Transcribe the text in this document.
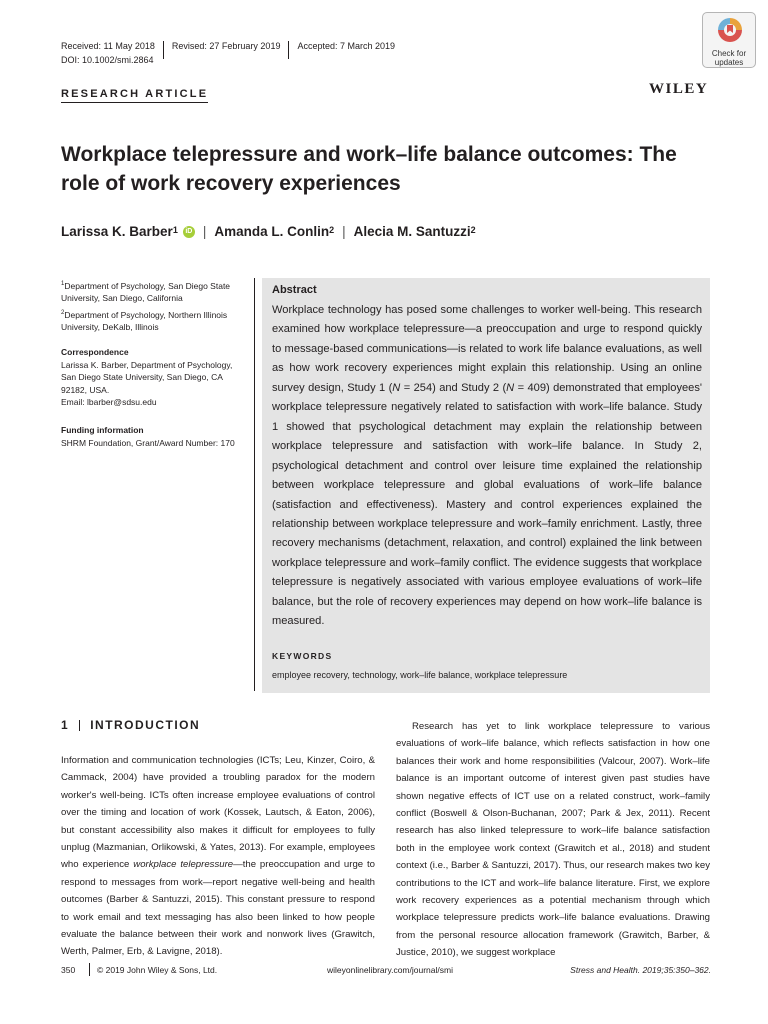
Received: 11 May 2018 Revised: 27 February 2019 Accepted: 7 March 2019
DOI: 10.1002/smi.2864
Check for
updates
RESEARCH ARTICLE	WILEY
Workplace telepressure and work–life balance outcomes: The role of work recovery experiences
Larissa K. Barber$^1$	iD | Amanda L. Conlin$^2$ | Alecia M. Santuzzi$^2$
$^1$Department of Psychology, San Diego State University, San Diego, California
$^2$Department of Psychology, Northern Illinois University, DeKalb, Illinois
Correspondence
Larissa K. Barber, Department of Psychology,
San Diego State University, San Diego, CA
92182, USA.
Email: lbarber@sdsu.edu
Funding information
SHRM Foundation, Grant/Award Number: 170
Abstract
Workplace technology has posed some challenges to worker well-being. This research examined how workplace telepressure—a preoccupation and urge to respond quickly to message-based communications—is related to work life balance evaluations, as well as how work recovery experiences might explain this relationship. Using an online survey design, Study 1 (N = 254) and Study 2 (N = 409) demonstrated that employees' workplace telepressure negatively related to satisfaction with work–life balance. Study 1 showed that psychological detachment may explain the relationship between workplace telepressure and satisfaction with work–life balance. In Study 2, psychological detachment and control over leisure time explained the relationship between workplace telepressure and global evaluations of work–life balance (satisfaction and effectiveness). Mastery and control experiences explained the relationship between workplace telepressure and work–family enrichment. Lastly, three recovery mechanisms (detachment, relaxation, and control) explained the link between workplace telepressure and work–family conflict. The evidence suggests that workplace telepressure is negatively associated with various employee evaluations of work–life balance, but the role of recovery experiences may depend on how work–life balance is measured.
KEYWORDS
employee recovery, technology, work–life balance, workplace telepressure
1 INTRODUCTION
Information and communication technologies (ICTs; Leu, Kinzer, Coiro, & Cammack, 2004) have provided a troubling paradox for the modern worker's well-being. ICTs often increase employee evaluations of control over the timing and location of work (Kossek, Lautsch, & Eaton, 2006), but constant accessibility also makes it difficult for employees to fully unplug (Mazmanian, Orlikowski, & Yates, 2013). For example, employees who experience workplace telepressure—the preoccupation and urge to respond to messages from work—report negative well-being and health outcomes (Barber & Santuzzi, 2015). This constant pressure to respond to work email and text messaging has also been linked to how people evaluate the balance between their work and nonwork lives (Grawitch, Werth, Palmer, Erb, & Lavigne, 2018).

Research has yet to link workplace telepressure to various evaluations of work–life balance, which reflects satisfaction in how one balances their work and home responsibilities (Valcour, 2007). Work–life balance is an important outcome of interest given past studies have shown negative effects of ICT use on a related construct, work–family conflict (Boswell & Olson-Buchanan, 2007; Park & Jex, 2011). Recent research has also linked telepressure to work–life balance satisfaction both in the employee work context (Grawitch et al., 2018) and student context (i.e., Barber & Santuzzi, 2017). Thus, our research makes two key contributions to the ICT and work–life balance literature. First, we explore work recovery experiences as a potential mechanism through which workplace telepressure predicts work–life balance evaluations. Drawing from the personal resource allocation framework (Grawitch, Barber, & Justice, 2010), we suggest workplace

350	© 2019 John Wiley & Sons, Ltd.	wileyonlinelibrary.com/journal/smi	Stress and Health. 2019;35:350–362.
